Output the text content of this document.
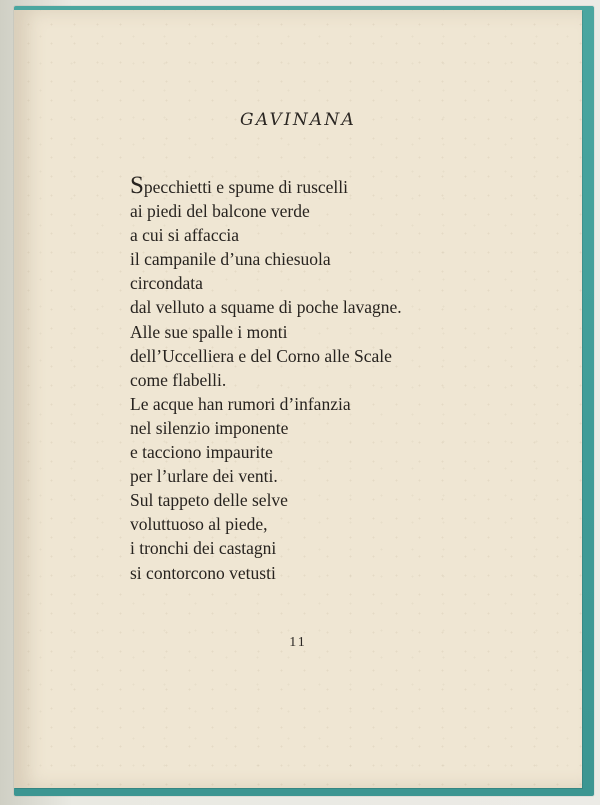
GAVINANA
Specchietti e spume di ruscelli
ai piedi del balcone verde
a cui si affaccia
il campanile d’una chiesuola
circondata
dal velluto a squame di poche lavagne.
Alle sue spalle i monti
dell’Uccelliera e del Corno alle Scale
come flabelli.
Le acque han rumori d’infanzia
nel silenzio imponente
e tacciono impaurite
per l’urlare dei venti.
Sul tappeto delle selve
voluttuoso al piede,
i tronchi dei castagni
si contorcono vetusti
11
